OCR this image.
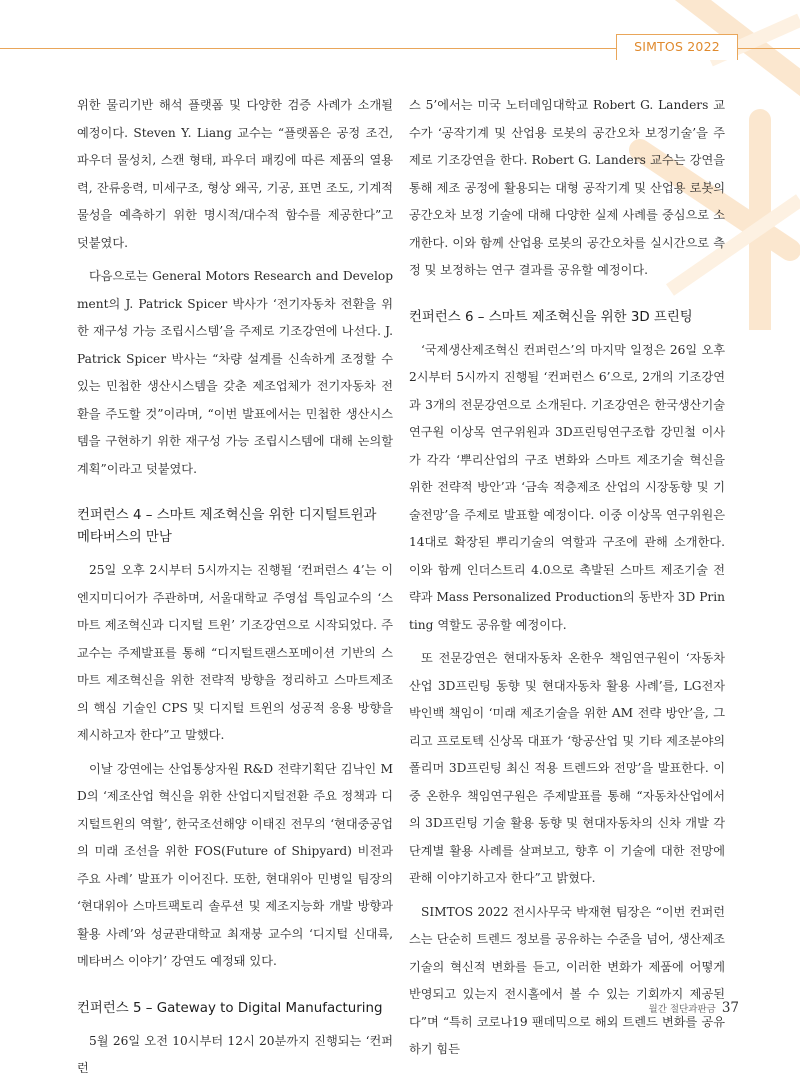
SIMTOS 2022

위한 물리기반 해석 플랫폼 및 다양한 검증 사례가 소개될 예정이다. Steven Y. Liang 교수는 “플랫폼은 공정 조건, 파우더 물성치, 스캔 형태, 파우더 패킹에 따른 제품의 열용력, 잔류응력, 미세구조, 형상 왜곡, 기공, 표면 조도, 기계적 물성을 예측하기 위한 명시적/대수적 함수를 제공한다”고 덧붙였다.

다음으로는 General Motors Research and Development의 J. Patrick Spicer 박사가 ‘전기자동차 전환을 위한 재구성 가능 조립시스템’을 주제로 기조강연에 나선다. J. Patrick Spicer 박사는 “차량 설계를 신속하게 조정할 수 있는 민첩한 생산시스템을 갖춘 제조업체가 전기자동차 전환을 주도할 것”이라며, “이번 발표에서는 민첩한 생산시스템을 구현하기 위한 재구성 가능 조립시스템에 대해 논의할 계획”이라고 덧붙였다.

컨퍼런스 4 – 스마트 제조혁신을 위한 디지털트윈과 메타버스의 만남

25일 오후 2시부터 5시까지는 진행될 ‘컨퍼런스 4’는 이엔지미디어가 주관하며, 서울대학교 주영섭 특임교수의 ‘스마트 제조혁신과 디지털 트윈’ 기조강연으로 시작되었다. 주 교수는 주제발표를 통해 “디지털트랜스포메이션 기반의 스마트 제조혁신을 위한 전략적 방향을 정리하고 스마트제조의 핵심 기술인 CPS 및 디지털 트윈의 성공적 응용 방향을 제시하고자 한다”고 말했다.

이날 강연에는 산업통상자원 R&D 전략기획단 김낙인 MD의 ‘제조산업 혁신을 위한 산업디지털전환 주요 정책과 디지털트윈의 역할’, 한국조선해양 이태진 전무의 ‘현대중공업의 미래 조선을 위한 FOS(Future of Shipyard) 비전과 주요 사례’ 발표가 이어진다. 또한, 현대위아 민병일 팀장의 ‘현대위아 스마트팩토리 솔루션 및 제조지능화 개발 방향과 활용 사례’와 성균관대학교 최재붕 교수의 ‘디지털 신대륙, 메타버스 이야기’ 강연도 예정돼 있다.

컨퍼런스 5 – Gateway to Digital Manufacturing

5월 26일 오전 10시부터 12시 20분까지 진행되는 ‘컨퍼런

스 5’에서는 미국 노터데임대학교 Robert G. Landers 교수가 ‘공작기계 및 산업용 로봇의 공간오차 보정기술’을 주제로 기조강연을 한다. Robert G. Landers 교수는 강연을 통해 제조 공정에 활용되는 대형 공작기계 및 산업용 로봇의 공간오차 보정 기술에 대해 다양한 실제 사례를 중심으로 소개한다. 이와 함께 산업용 로봇의 공간오차를 실시간으로 측정 및 보정하는 연구 결과를 공유할 예정이다.

컨퍼런스 6 – 스마트 제조혁신을 위한 3D 프린팅

‘국제생산제조혁신 컨퍼런스’의 마지막 일정은 26일 오후 2시부터 5시까지 진행될 ‘컨퍼런스 6’으로, 2개의 기조강연과 3개의 전문강연으로 소개된다. 기조강연은 한국생산기술연구원 이상목 연구위원과 3D프린팅연구조합 강민철 이사가 각각 ‘뿌리산업의 구조 변화와 스마트 제조기술 혁신을 위한 전략적 방안’과 ‘금속 적층제조 산업의 시장동향 및 기술전망’을 주제로 발표할 예정이다. 이중 이상목 연구위원은 14대로 확장된 뿌리기술의 역할과 구조에 관해 소개한다. 이와 함께 인더스트리 4.0으로 촉발된 스마트 제조기술 전략과 Mass Personalized Production의 동반자 3D Printing 역할도 공유할 예정이다.

또 전문강연은 현대자동차 온한우 책임연구원이 ‘자동차산업 3D프린팅 동향 및 현대자동차 활용 사례’를, LG전자 박인백 책임이 ‘미래 제조기술을 위한 AM 전략 방안’을, 그리고 프로토텍 신상목 대표가 ‘항공산업 및 기타 제조분야의 폴리머 3D프린팅 최신 적용 트렌드와 전망’을 발표한다. 이중 온한우 책임연구원은 주제발표를 통해 “자동차산업에서의 3D프린팅 기술 활용 동향 및 현대자동차의 신차 개발 각 단계별 활용 사례를 살펴보고, 향후 이 기술에 대한 전망에 관해 이야기하고자 한다”고 밝혔다.

SIMTOS 2022 전시사무국 박재현 팀장은 “이번 컨퍼런스는 단순히 트렌드 정보를 공유하는 수준을 넘어, 생산제조기술의 혁신적 변화를 듣고, 이러한 변화가 제품에 어떻게 반영되고 있는지 전시홀에서 볼 수 있는 기회까지 제공된다”며 “특히 코로나19 팬데믹으로 해외 트렌드 변화를 공유하기 힘든

월간 절단과판금 37
